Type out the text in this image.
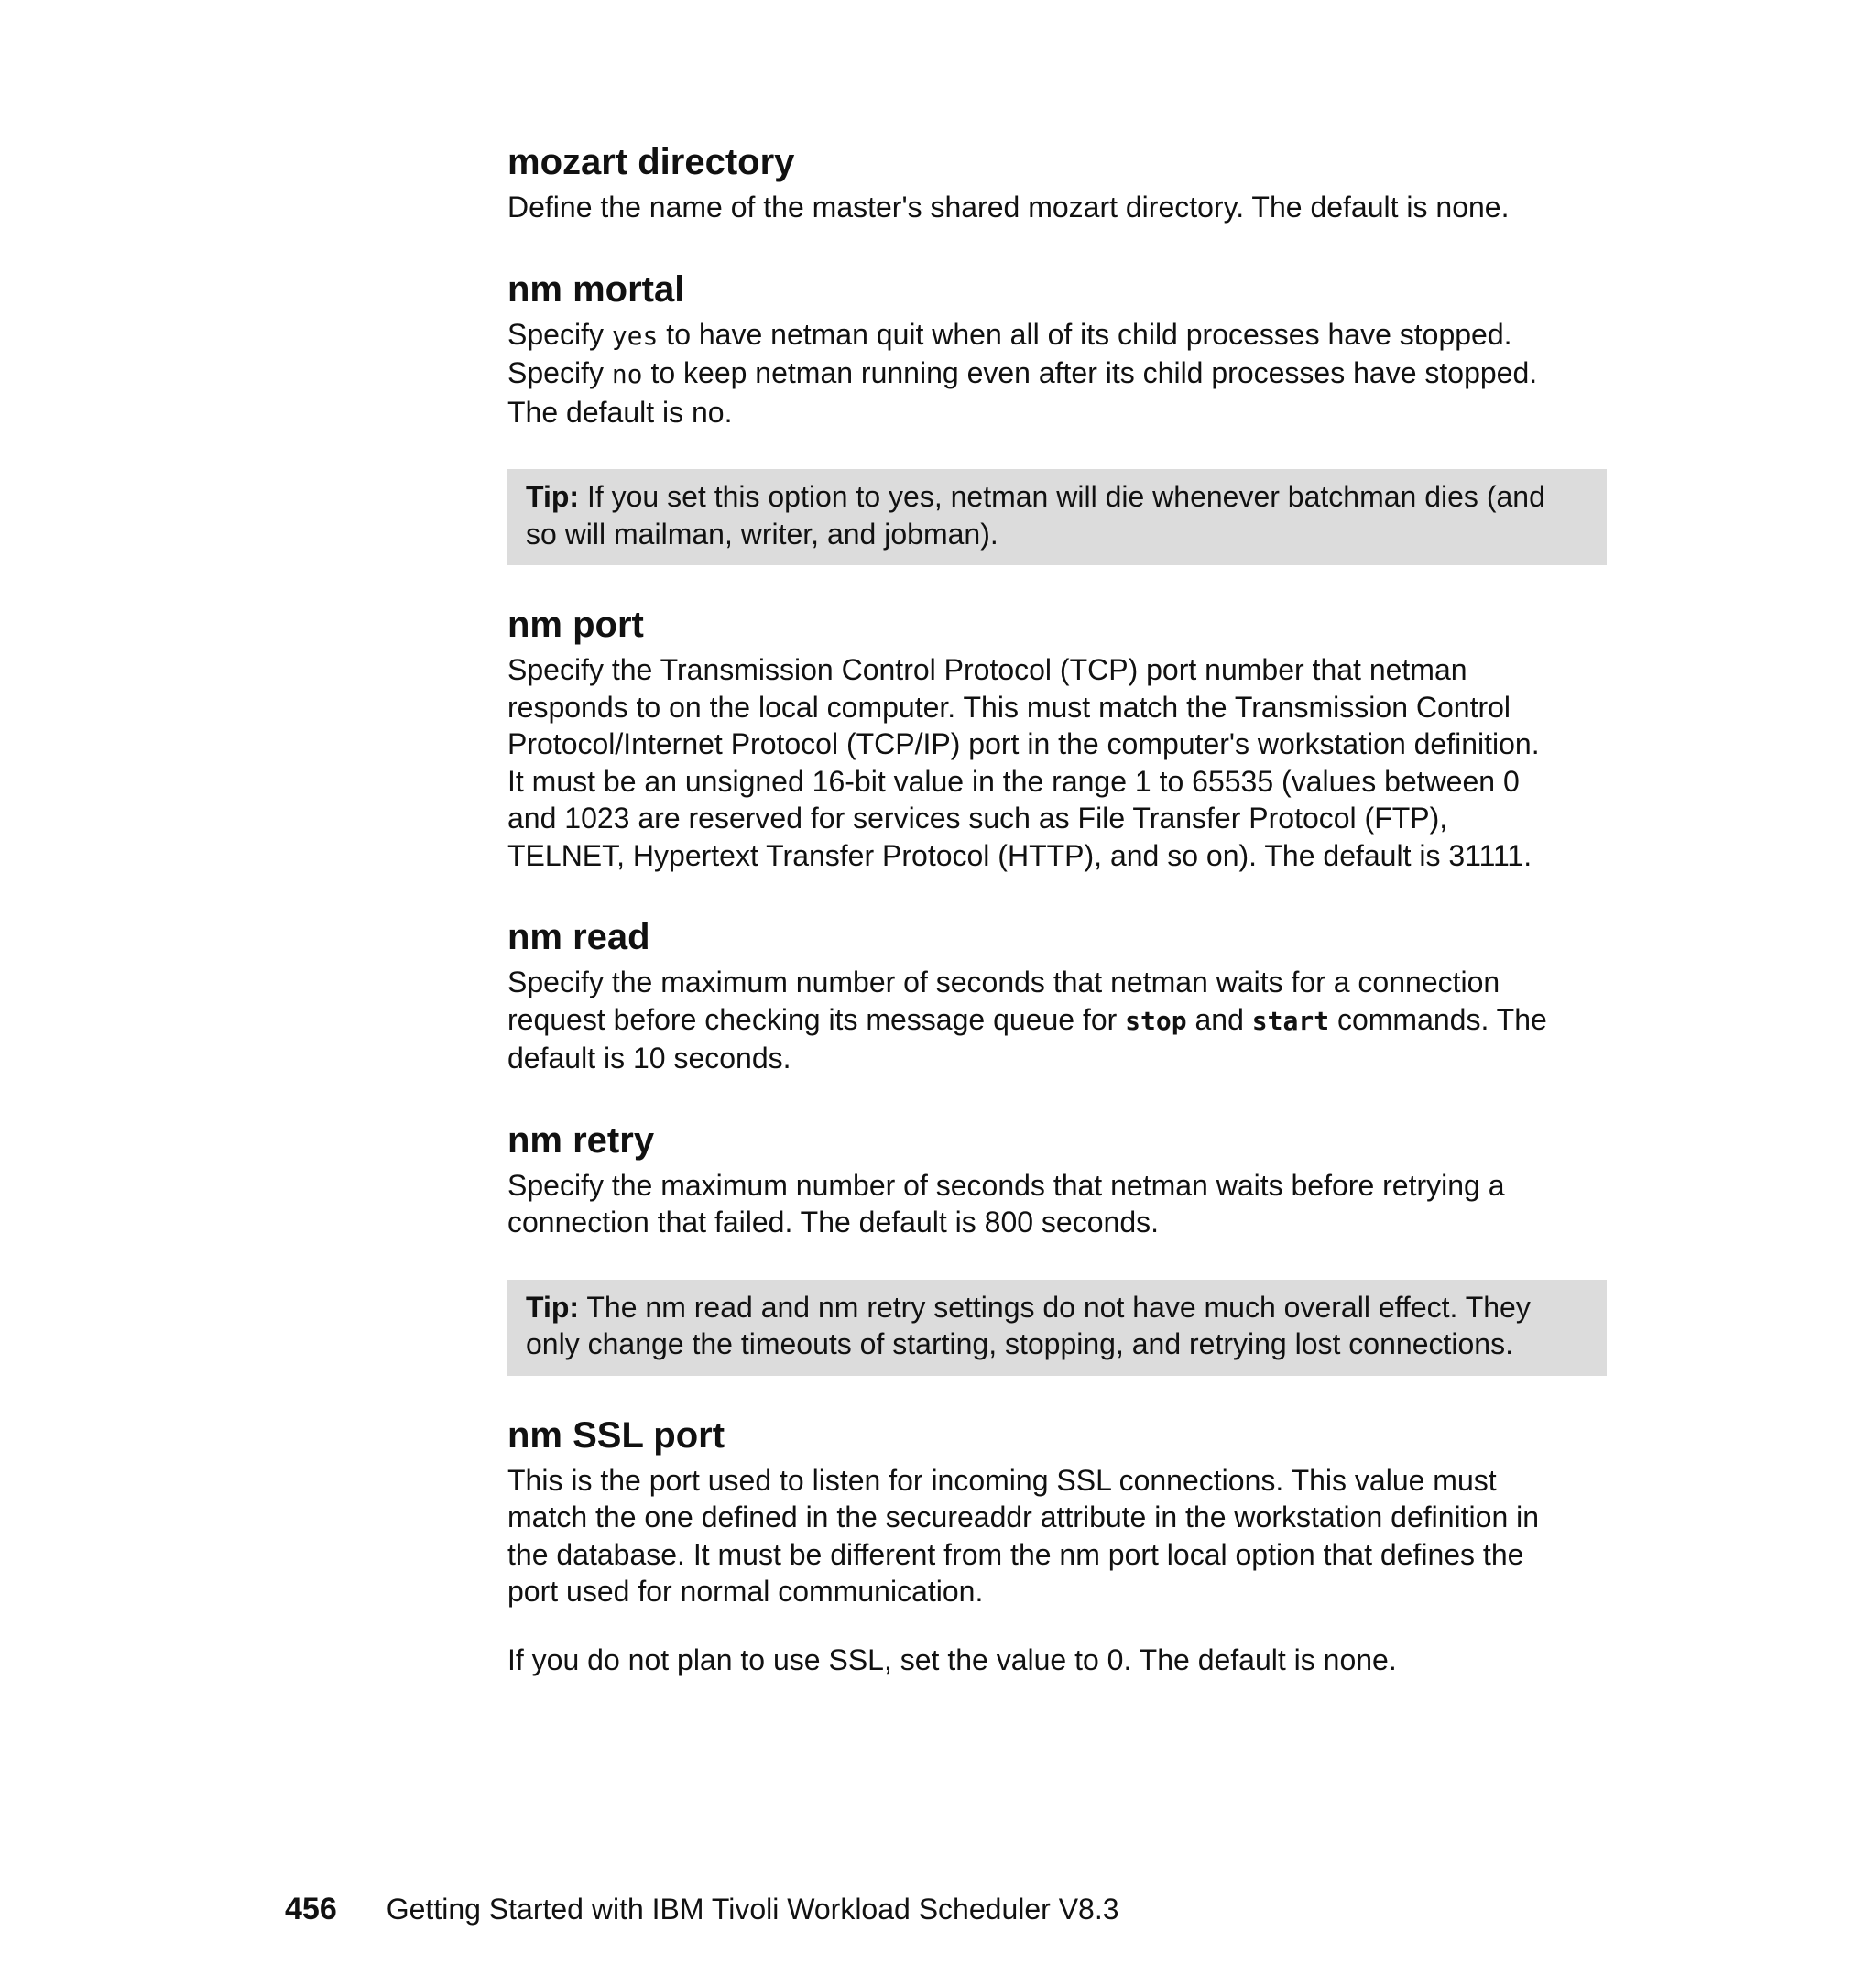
mozart directory
Define the name of the master's shared mozart directory. The default is none.
nm mortal
Specify yes to have netman quit when all of its child processes have stopped.
Specify no to keep netman running even after its child processes have stopped.
The default is no.
Tip: If you set this option to yes, netman will die whenever batchman dies (and
so will mailman, writer, and jobman).
nm port
Specify the Transmission Control Protocol (TCP) port number that netman
responds to on the local computer. This must match the Transmission Control
Protocol/Internet Protocol (TCP/IP) port in the computer's workstation definition.
It must be an unsigned 16-bit value in the range 1 to 65535 (values between 0
and 1023 are reserved for services such as File Transfer Protocol (FTP),
TELNET, Hypertext Transfer Protocol (HTTP), and so on). The default is 31111.
nm read
Specify the maximum number of seconds that netman waits for a connection
request before checking its message queue for stop and start commands. The
default is 10 seconds.
nm retry
Specify the maximum number of seconds that netman waits before retrying a
connection that failed. The default is 800 seconds.
Tip: The nm read and nm retry settings do not have much overall effect. They
only change the timeouts of starting, stopping, and retrying lost connections.
nm SSL port
This is the port used to listen for incoming SSL connections. This value must
match the one defined in the secureaddr attribute in the workstation definition in
the database. It must be different from the nm port local option that defines the
port used for normal communication.
If you do not plan to use SSL, set the value to 0. The default is none.
456 Getting Started with IBM Tivoli Workload Scheduler V8.3
